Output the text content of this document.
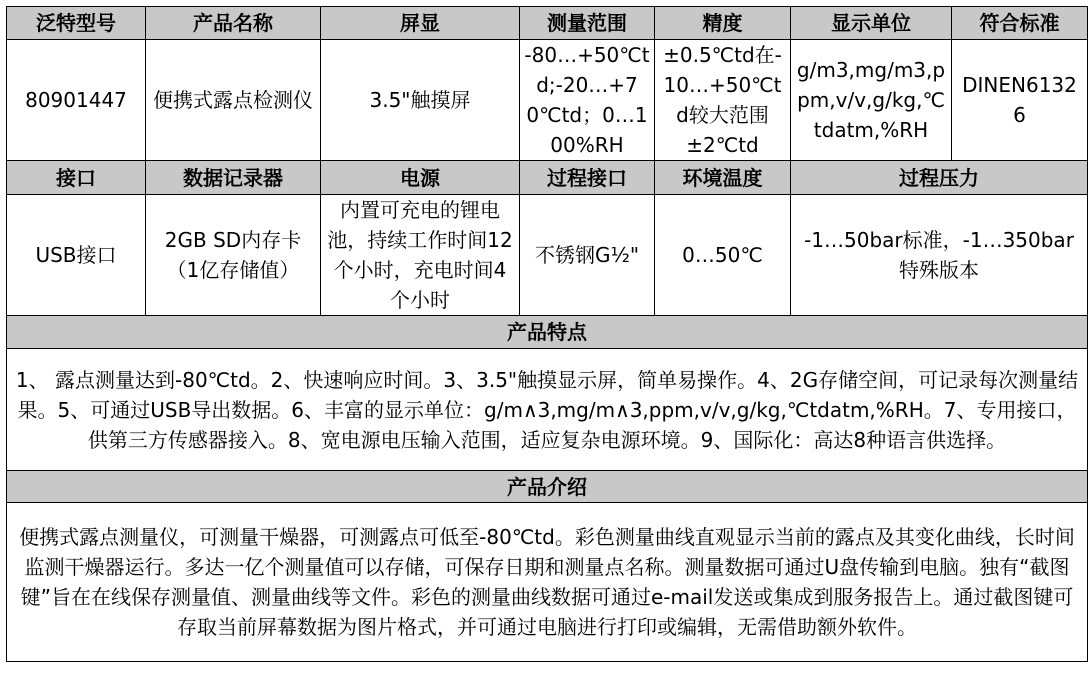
泛特型号	产品名称	屏显	测量范围	精度	显示单位	符合标准
80901447	便携式露点检测仪	3.5"触摸屏	-80…+50℃td;-20…+70℃td；0…100%RH	±0.5℃td在-10…+50℃td较大范围±2℃td	g/m3,mg/m3,ppm,v/v,g/kg,℃tdatm,%RH	DINEN61326
接口	数据记录器	电源	过程接口	环境温度	过程压力	
USB接口	2GB SD内存卡（1亿存储值）	内置可充电的锂电池，持续工作时间12个小时，充电时间4个小时	不锈钢G½"	0…50℃	-1…50bar标准，-1…350bar特殊版本	
产品特点						
1、 露点测量达到-80℃td。2、快速响应时间。3、3.5"触摸显示屏，简单易操作。4、2G存储空间，可记录每次测量结果。5、可通过USB导出数据。6、丰富的显示单位：g/m∧3,mg/m∧3,ppm,v/v,g/kg,℃tdatm,%RH。7、专用接口，供第三方传感器接入。8、宽电源电压输入范围，适应复杂电源环境。9、国际化：高达8种语言供选择。						
产品介绍						
便携式露点测量仪，可测量干燥器，可测露点可低至-80℃td。彩色测量曲线直观显示当前的露点及其变化曲线，长时间监测干燥器运行。多达一亿个测量值可以存储，可保存日期和测量点名称。测量数据可通过U盘传输到电脑。独有“截图键”旨在在线保存测量值、测量曲线等文件。彩色的测量曲线数据可通过e-mail发送或集成到服务报告上。通过截图键可存取当前屏幕数据为图片格式，并可通过电脑进行打印或编辑，无需借助额外软件。						
